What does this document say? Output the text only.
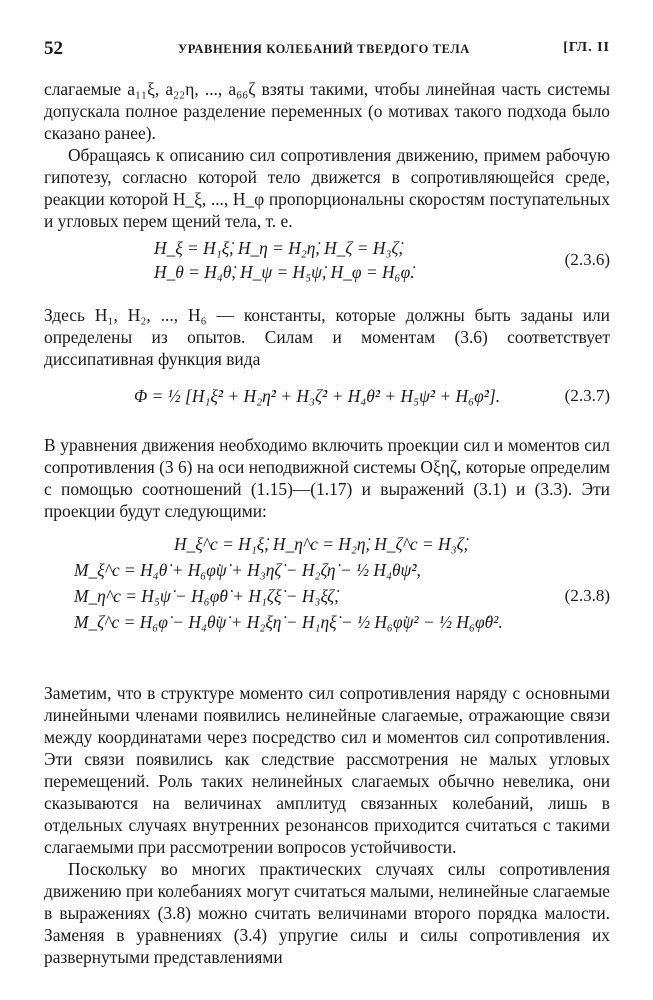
52	УРАВНЕНИЯ КОЛЕБАНИЙ ТВЕРДОГО ТЕЛА	[ГЛ. II

слагаемые a₁₁ξ, a₂₂η, ..., a₆₆ζ взяты такими, чтобы линейная часть системы допускала полное разделение переменных (о мотивах такого подхода было сказано ранее).

Обращаясь к описанию сил сопротивления движению, примем рабочую гипотезу, согласно которой тело движется в сопротивляющейся среде, реакции которой H_ξ, ..., H_φ пропорциональны скоростям поступательных и угловых перем щений тела, т. е.

H_ξ = H₁ξ̇, H_η = H₂η̇, H_ζ = H₃ζ̇,
H_θ = H₄θ̇, H_ψ = H₅ψ̇, H_φ = H₆φ̇.
(2.3.6)

Здесь H₁, H₂, ..., H₆ — константы, которые должны быть заданы или определены из опытов. Силам и моментам (3.6) соответствует диссипативная функция вида

Φ = ½ [H₁ξ̇² + H₂η̇² + H₃ζ̇² + H₄θ̇² + H₅ψ̇² + H₆φ̇²].	(2.3.7)

В уравнения движения необходимо включить проекции сил и моментов сил сопротивления (3 6) на оси неподвижной системы Oξηζ, которые определим с помощью соотношений (1.15)—(1.17) и выражений (3.1) и (3.3). Эти проекции будут следующими:

H_ξ^c = H₁ξ̇, H_η^c = H₂η̇, H_ζ^c = H₃ζ̇,
M_ξ^c = H₄θ̇ + H₆φ̇ψ̇ + H₃ηζ̇ − H₂ζη̇ − ½ H₄θψ̇²,
M_η^c = H₅ψ̇ − H₆φ̇θ̇ + H₁ζξ̇ − H₃ξζ̇,
M_ζ^c = H₆φ̇ − H₄θ̇ψ̇ + H₂ξη̇ − H₁ηξ̇ − ½ H₆φ̇ψ² − ½ H₆φ̇θ².
(2.3.8)

Заметим, что в структуре моменто сил сопротивления наряду с основными линейными членами появились нелинейные слагаемые, отражающие связи между координатами через посредство сил и моментов сил сопротивления. Эти связи появились как следствие рассмотрения не малых угловых перемещений. Роль таких нелинейных слагаемых обычно невелика, они сказываются на величинах амплитуд связанных колебаний, лишь в отдельных случаях внутренних резонансов приходится считаться с такими слагаемыми при рассмотрении вопросов устойчивости.

Поскольку во многих практических случаях силы сопротивления движению при колебаниях могут считаться малыми, нелинейные слагаемые в выражениях (3.8) можно считать величинами второго порядка малости. Заменяя в уравнениях (3.4) упругие силы и силы сопротивления их развернутыми представлениями
